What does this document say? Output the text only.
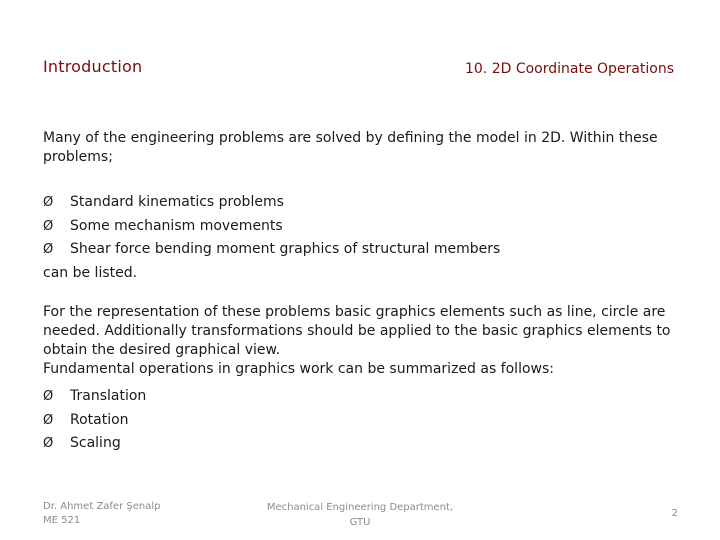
Introduction	10. 2D Coordinate Operations
Many of the engineering problems are solved by defining the model in 2D. Within these problems;
Ø Standard kinematics problems
Ø Some mechanism movements
Ø Shear force bending moment graphics of structural members
can be listed.
For the representation of these problems basic graphics elements such as line, circle are
needed. Additionally transformations should be applied to the basic graphics elements to
obtain the desired graphical view.
Fundamental operations in graphics work can be summarized as follows:
Ø Translation
Ø Rotation
Ø Scaling
Dr. Ahmet Zafer Şenalp
ME 521
Mechanical Engineering Department,
GTU
2
